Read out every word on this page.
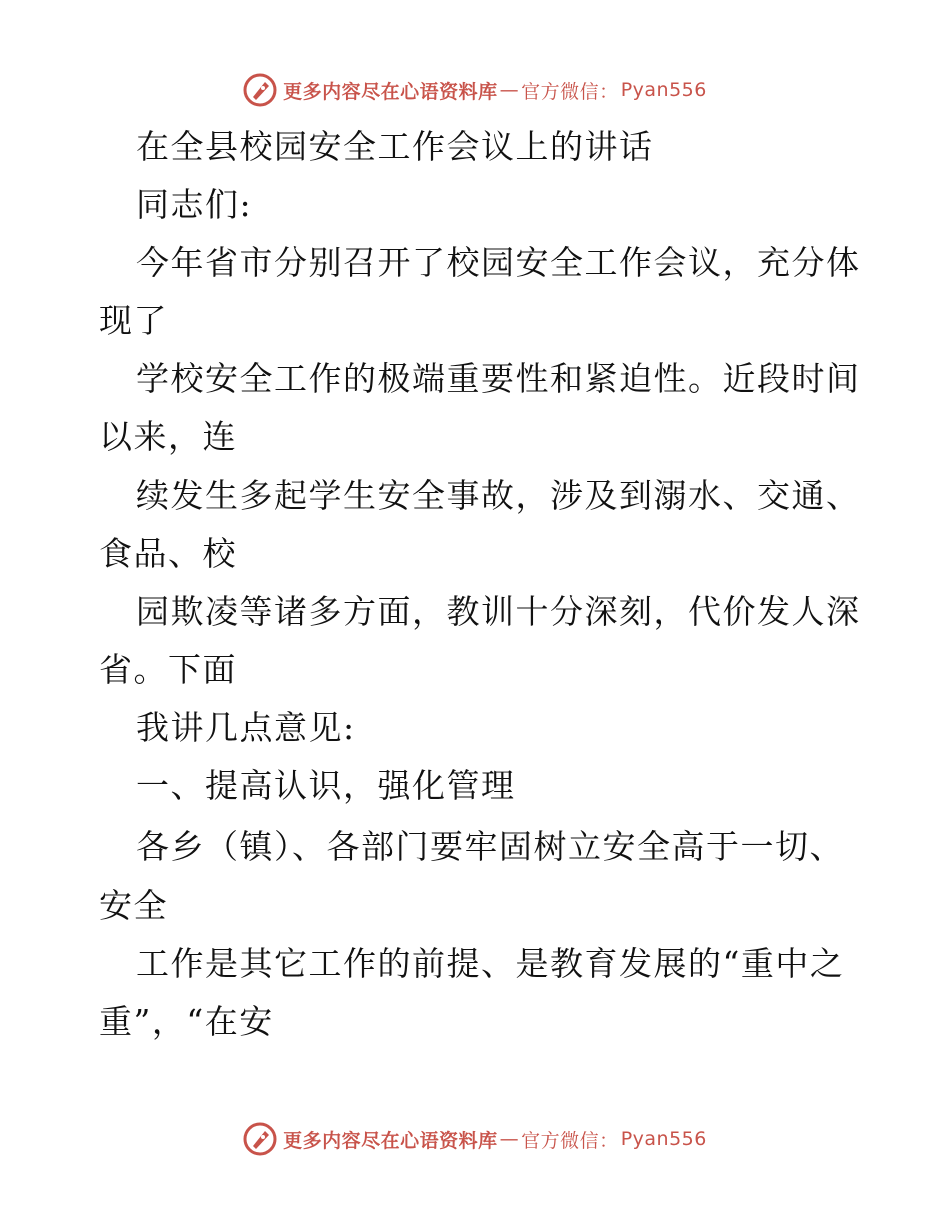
更多内容尽在心语资料库 — 官方微信： Pyan556
在全县校园安全工作会议上的讲话
同志们:
今年省市分别召开了校园安全工作会议，充分体
现了
学校安全工作的极端重要性和紧迫性。近段时间
以来，连
续发生多起学生安全事故，涉及到溺水、交通、
食品、校
园欺凌等诸多方面，教训十分深刻，代价发人深
省。下面
我讲几点意见:
一、提高认识，强化管理
各乡（镇）、各部门要牢固树立安全高于一切、
安全
工作是其它工作的前提、是教育发展的“重中之
重”，“在安
更多内容尽在心语资料库 — 官方微信： Pyan556
